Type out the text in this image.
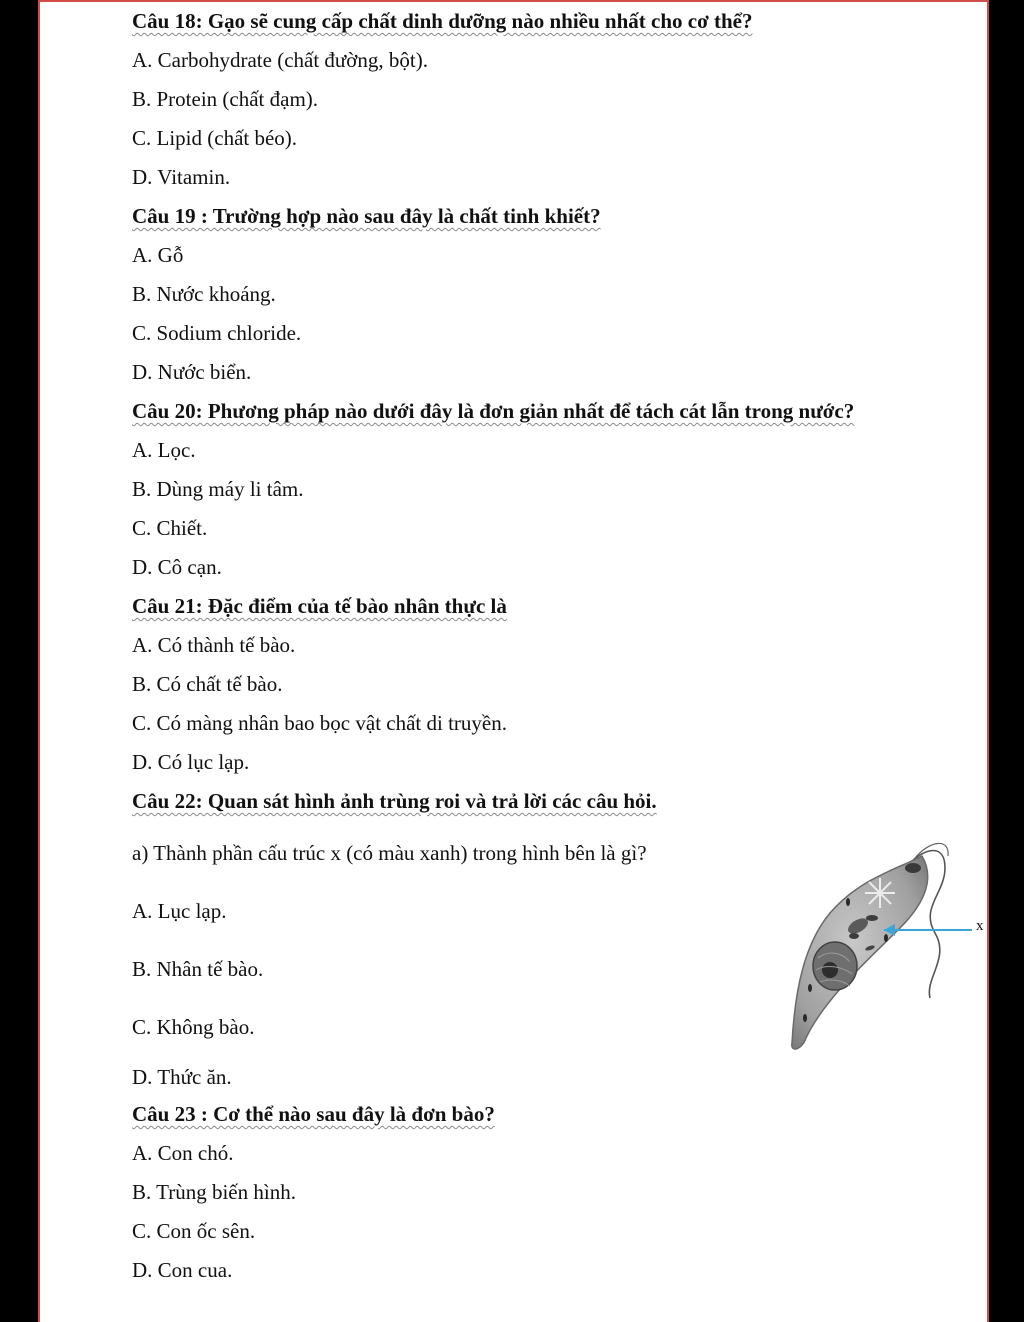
Câu 18: Gạo sẽ cung cấp chất dinh dưỡng nào nhiều nhất cho cơ thể?
A. Carbohydrate (chất đường, bột).
B. Protein (chất đạm).
C. Lipid (chất béo).
D. Vitamin.
Câu 19 : Trường hợp nào sau đây là chất tinh khiết?
A. Gỗ
B. Nước khoáng.
C. Sodium chloride.
D. Nước biển.
Câu 20: Phương pháp nào dưới đây là đơn giản nhất để tách cát lẫn trong nước?
A. Lọc.
B. Dùng máy li tâm.
C. Chiết.
D. Cô cạn.
Câu 21: Đặc điểm của tế bào nhân thực là
A. Có thành tế bào.
B. Có chất tế bào.
C. Có màng nhân bao bọc vật chất di truyền.
D. Có lục lạp.
Câu 22: Quan sát hình ảnh trùng roi và trả lời các câu hỏi.
a) Thành phần cấu trúc x (có màu xanh) trong hình bên là gì?
A. Lục lạp.
B. Nhân tế bào.
C. Không bào.
D. Thức ăn.
Câu 23 : Cơ thể nào sau đây là đơn bào?
A. Con chó.
B. Trùng biến hình.
C. Con ốc sên.
D. Con cua.
x
